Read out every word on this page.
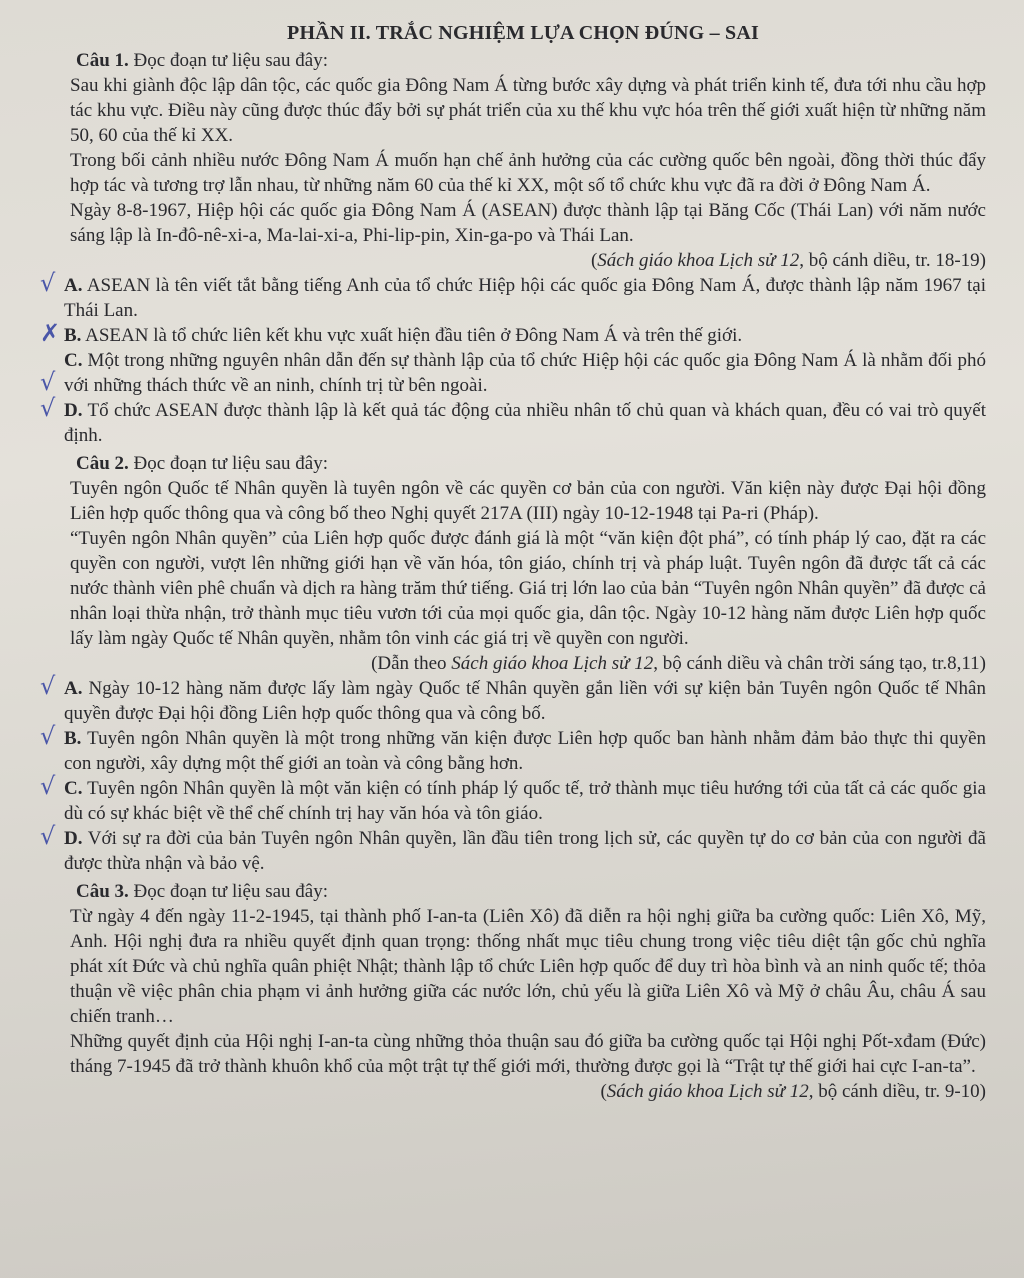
PHẦN II. TRẮC NGHIỆM LỰA CHỌN ĐÚNG – SAI
Câu 1. Đọc đoạn tư liệu sau đây:
Sau khi giành độc lập dân tộc, các quốc gia Đông Nam Á từng bước xây dựng và phát triển kinh tế, đưa tới nhu cầu hợp tác khu vực. Điều này cũng được thúc đẩy bởi sự phát triển của xu thế khu vực hóa trên thế giới xuất hiện từ những năm 50, 60 của thế kỉ XX.
Trong bối cảnh nhiều nước Đông Nam Á muốn hạn chế ảnh hưởng của các cường quốc bên ngoài, đồng thời thúc đẩy hợp tác và tương trợ lẫn nhau, từ những năm 60 của thế kỉ XX, một số tổ chức khu vực đã ra đời ở Đông Nam Á.
Ngày 8-8-1967, Hiệp hội các quốc gia Đông Nam Á (ASEAN) được thành lập tại Băng Cốc (Thái Lan) với năm nước sáng lập là In-đô-nê-xi-a, Ma-lai-xi-a, Phi-lip-pin, Xin-ga-po và Thái Lan.
(Sách giáo khoa Lịch sử 12, bộ cánh diều, tr. 18-19)
√ A. ASEAN là tên viết tắt bằng tiếng Anh của tổ chức Hiệp hội các quốc gia Đông Nam Á, được thành lập năm 1967 tại Thái Lan.
✗ B. ASEAN là tổ chức liên kết khu vực xuất hiện đầu tiên ở Đông Nam Á và trên thế giới.
√
C. Một trong những nguyên nhân dẫn đến sự thành lập của tổ chức Hiệp hội các quốc gia Đông Nam Á là nhằm đối phó với những thách thức về an ninh, chính trị từ bên ngoài.
√ D. Tổ chức ASEAN được thành lập là kết quả tác động của nhiều nhân tố chủ quan và khách quan, đều có vai trò quyết định.
Câu 2. Đọc đoạn tư liệu sau đây:
Tuyên ngôn Quốc tế Nhân quyền là tuyên ngôn về các quyền cơ bản của con người. Văn kiện này được Đại hội đồng Liên hợp quốc thông qua và công bố theo Nghị quyết 217A (III) ngày 10-12-1948 tại Pa-ri (Pháp).
“Tuyên ngôn Nhân quyền” của Liên hợp quốc được đánh giá là một “văn kiện đột phá”, có tính pháp lý cao, đặt ra các quyền con người, vượt lên những giới hạn về văn hóa, tôn giáo, chính trị và pháp luật. Tuyên ngôn đã được tất cả các nước thành viên phê chuẩn và dịch ra hàng trăm thứ tiếng. Giá trị lớn lao của bản “Tuyên ngôn Nhân quyền” đã được cả nhân loại thừa nhận, trở thành mục tiêu vươn tới của mọi quốc gia, dân tộc. Ngày 10-12 hàng năm được Liên hợp quốc lấy làm ngày Quốc tế Nhân quyền, nhằm tôn vinh các giá trị về quyền con người.
(Dẫn theo Sách giáo khoa Lịch sử 12, bộ cánh diều và chân trời sáng tạo, tr.8,11)
√ A. Ngày 10-12 hàng năm được lấy làm ngày Quốc tế Nhân quyền gắn liền với sự kiện bản Tuyên ngôn Quốc tế Nhân quyền được Đại hội đồng Liên hợp quốc thông qua và công bố.
√ B. Tuyên ngôn Nhân quyền là một trong những văn kiện được Liên hợp quốc ban hành nhằm đảm bảo thực thi quyền con người, xây dựng một thế giới an toàn và công bằng hơn.
√ C. Tuyên ngôn Nhân quyền là một văn kiện có tính pháp lý quốc tế, trở thành mục tiêu hướng tới của tất cả các quốc gia dù có sự khác biệt về thể chế chính trị hay văn hóa và tôn giáo.
√ D. Với sự ra đời của bản Tuyên ngôn Nhân quyền, lần đầu tiên trong lịch sử, các quyền tự do cơ bản của con người đã được thừa nhận và bảo vệ.
Câu 3. Đọc đoạn tư liệu sau đây:
Từ ngày 4 đến ngày 11-2-1945, tại thành phố I-an-ta (Liên Xô) đã diễn ra hội nghị giữa ba cường quốc: Liên Xô, Mỹ, Anh. Hội nghị đưa ra nhiều quyết định quan trọng: thống nhất mục tiêu chung trong việc tiêu diệt tận gốc chủ nghĩa phát xít Đức và chủ nghĩa quân phiệt Nhật; thành lập tổ chức Liên hợp quốc để duy trì hòa bình và an ninh quốc tế; thỏa thuận về việc phân chia phạm vi ảnh hưởng giữa các nước lớn, chủ yếu là giữa Liên Xô và Mỹ ở châu Âu, châu Á sau chiến tranh…
Những quyết định của Hội nghị I-an-ta cùng những thỏa thuận sau đó giữa ba cường quốc tại Hội nghị Pốt-xđam (Đức) tháng 7-1945 đã trở thành khuôn khổ của một trật tự thế giới mới, thường được gọi là “Trật tự thế giới hai cực I-an-ta”.
(Sách giáo khoa Lịch sử 12, bộ cánh diều, tr. 9-10)
